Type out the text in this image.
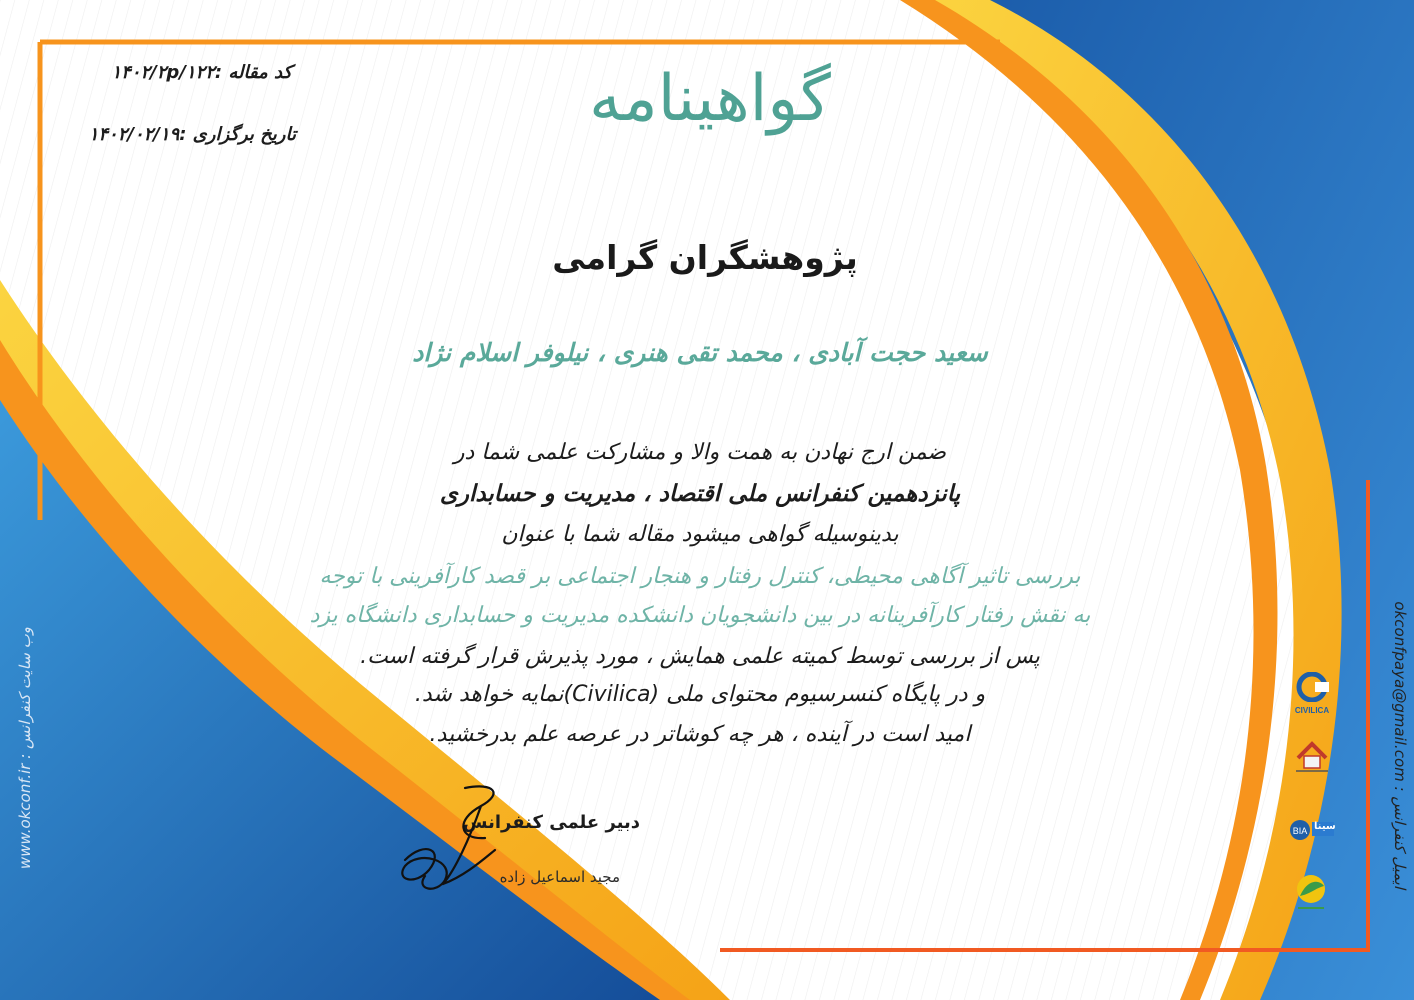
کد مقاله :۱۴۰۲/۲p/۱۲۲
تاریخ برگزاری :۱۴۰۲/۰۲/۱۹	گواهینامه
پژوهشگران گرامی
سعید حجت آبادی ، محمد تقی هنری ، نیلوفر اسلام نژاد
ضمن ارج نهادن به همت والا و مشارکت علمی شما در
پانزدهمین کنفرانس ملی اقتصاد ، مدیریت و حسابداری
بدینوسیله گواهی میشود مقاله شما با عنوان
بررسی تاثیر آگاهی محیطی، کنترل رفتار و هنجار اجتماعی بر قصد کارآفرینی با توجه
به نقش رفتار کارآفرینانه در بین دانشجویان دانشکده مدیریت و حسابداری دانشگاه یزد
پس از بررسی توسط کمیته علمی همایش ، مورد پذیرش قرار گرفته است.
و در پایگاه کنسرسیوم محتوای ملی (Civilica)نمایه خواهد شد.
امید است در آینده ، هر چه کوشاتر در عرصه علم بدرخشید.
دبیر علمی کنفرانس
مجید اسماعیل زاده
ایمیل کنفرانس : okconfpaya@gmail.com
وب سایت کنفرانس : www.okconf.ir	CIVILICA
BIA سینا
